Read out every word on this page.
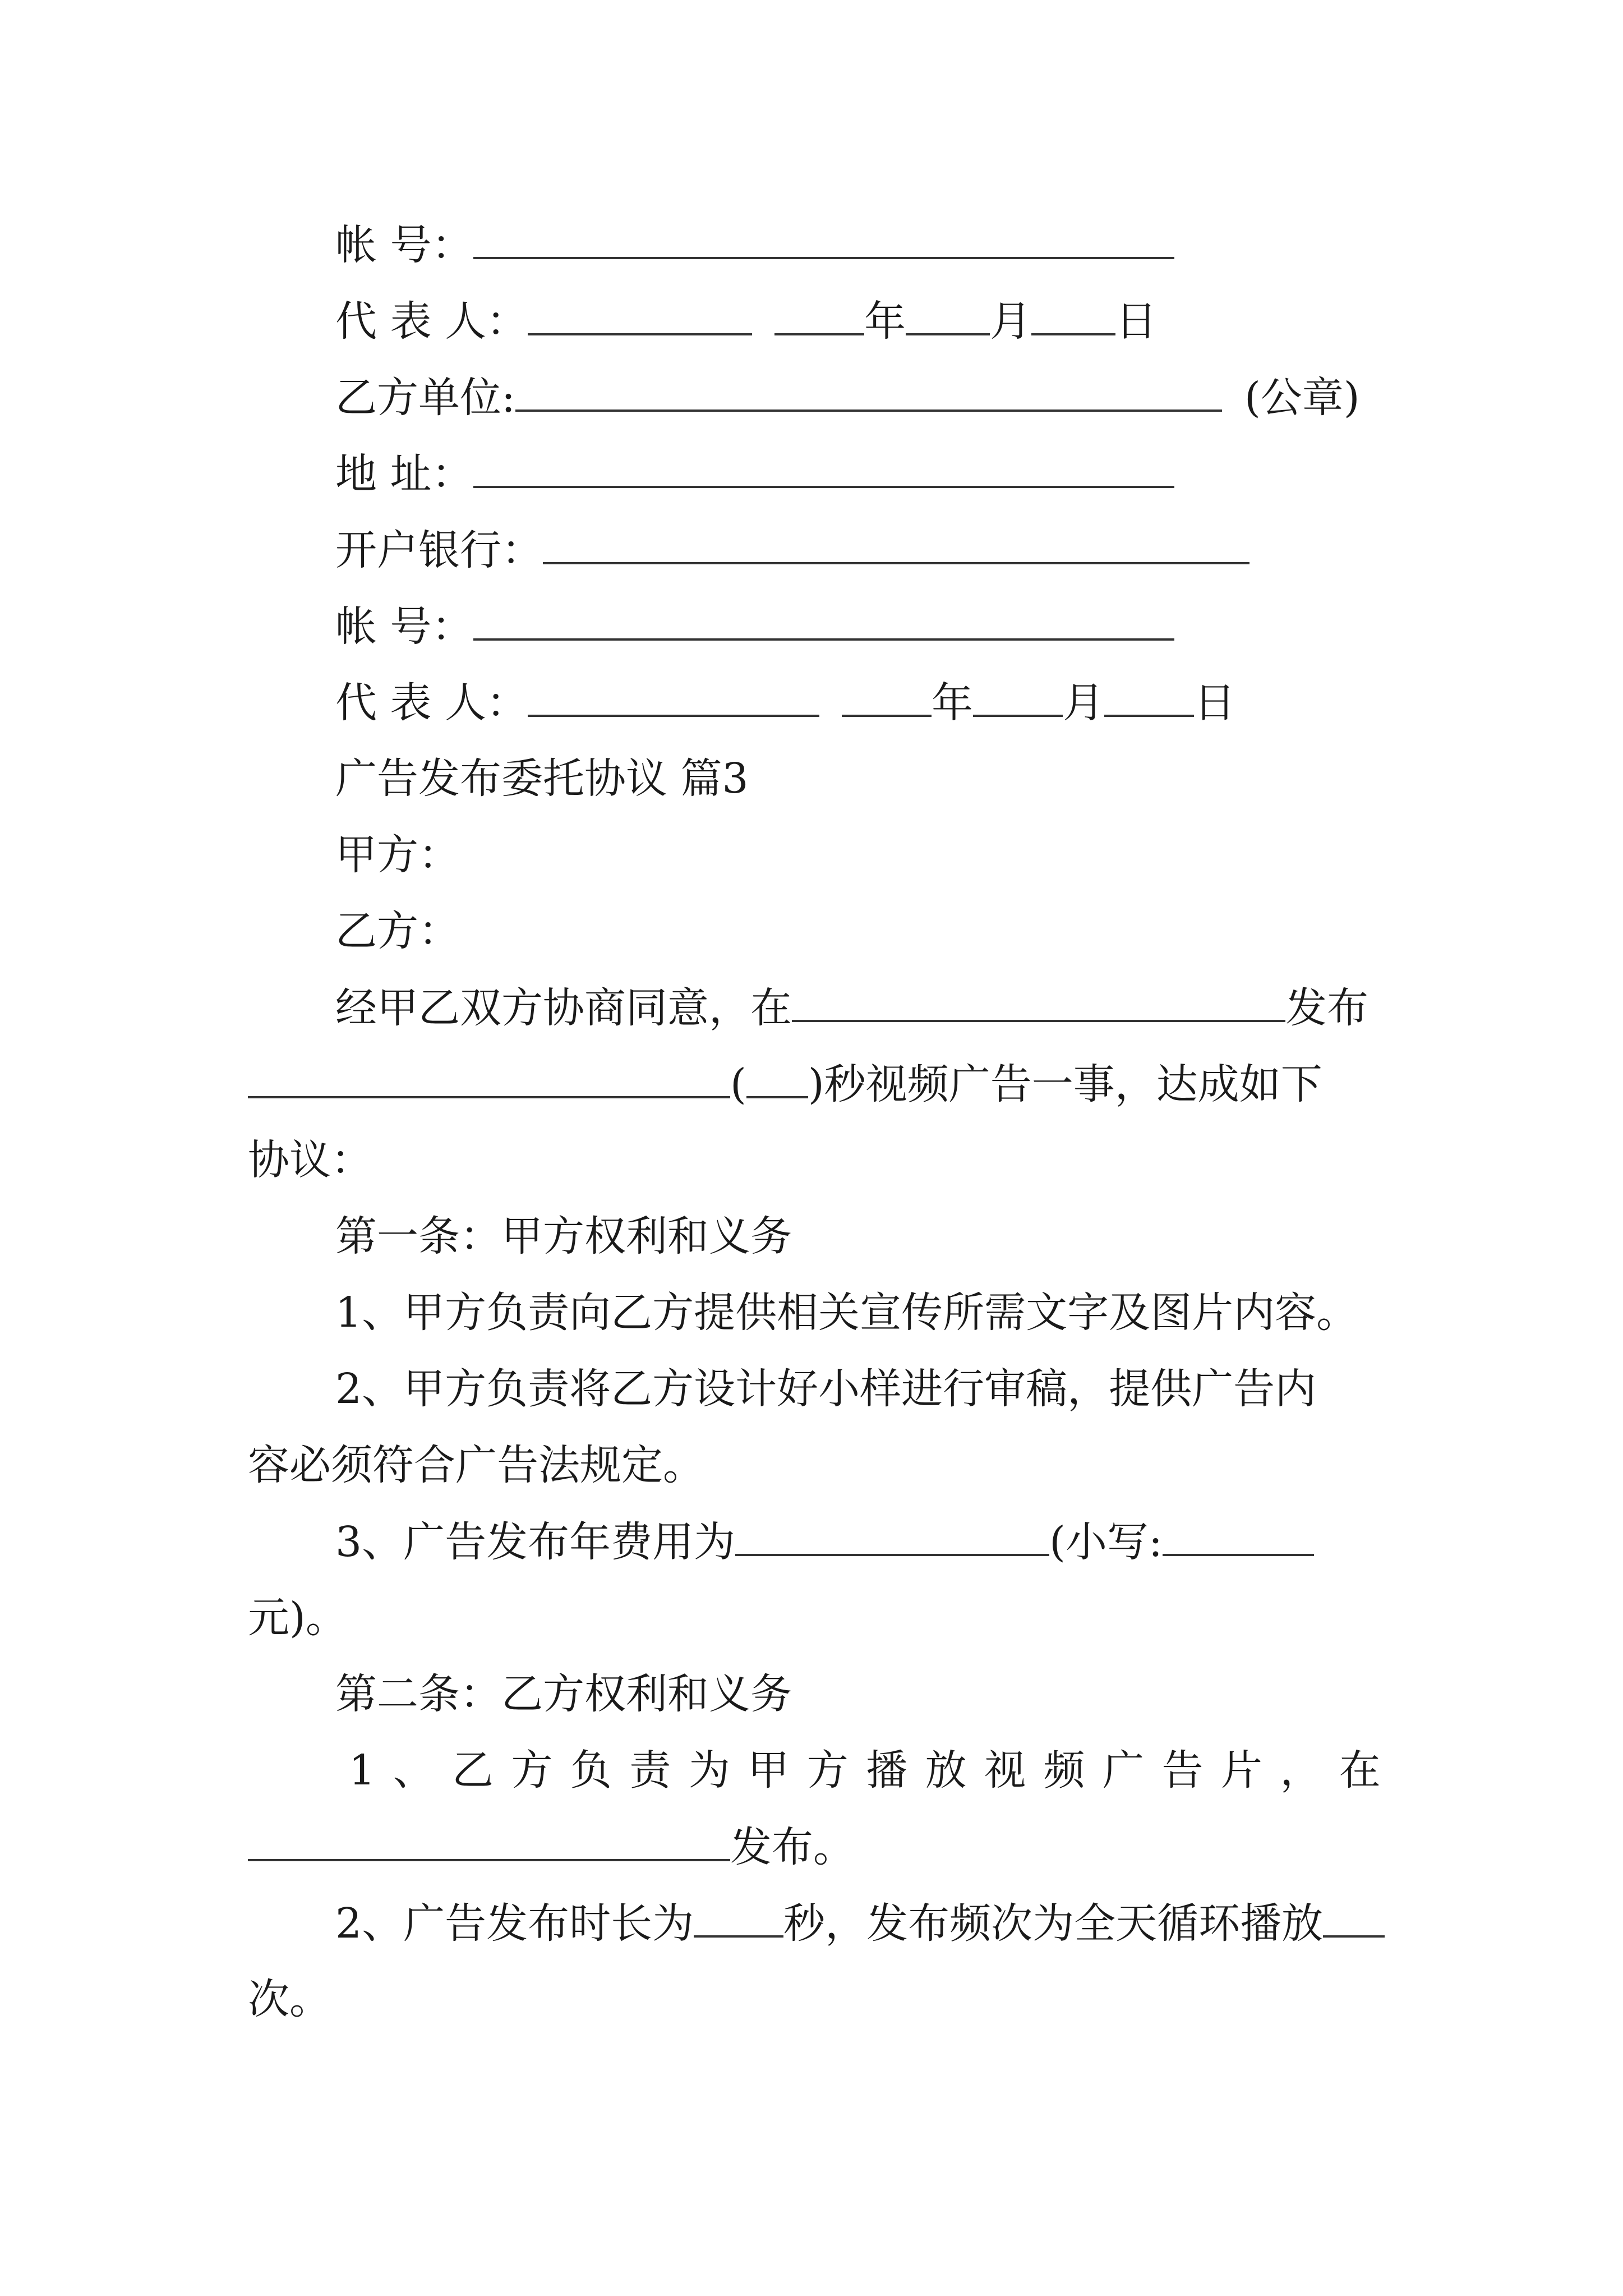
帐 号：
代 表 人：	年 月 日
乙方单位:	(公章)
地 址：
开户银行：
帐 号：
代 表 人：	年 月 日
广告发布委托协议 篇3
甲方：
乙方：
经甲乙双方协商同意，在	发布
( )秒视频广告一事，达成如下
协议：
第一条：甲方权利和义务
1、甲方负责向乙方提供相关宣传所需文字及图片内容。
2、甲方负责将乙方设计好小样进行审稿，提供广告内
容必须符合广告法规定。
3、广告发布年费用为	(小写:
元)。
第二条：乙方权利和义务
1 、 乙 方 负 责 为 甲 方 播 放 视 频 广 告 片 ， 在
发布。
2、广告发布时长为 秒，发布频次为全天循环播放
次。
